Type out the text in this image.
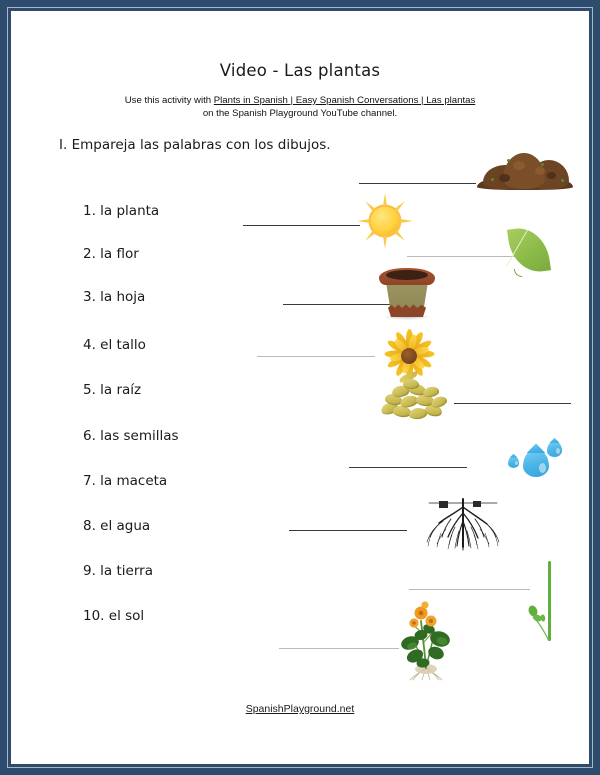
Video - Las plantas
Use this activity with Plants in Spanish | Easy Spanish Conversations | Las plantas
on the Spanish Playground YouTube channel.
I. Empareja las palabras con los dibujos.
1. la planta
2. la flor
3. la hoja
4. el tallo
5. la raíz
6. las semillas
7. la maceta
8. el agua
9. la tierra
10. el sol
SpanishPlayground.net
